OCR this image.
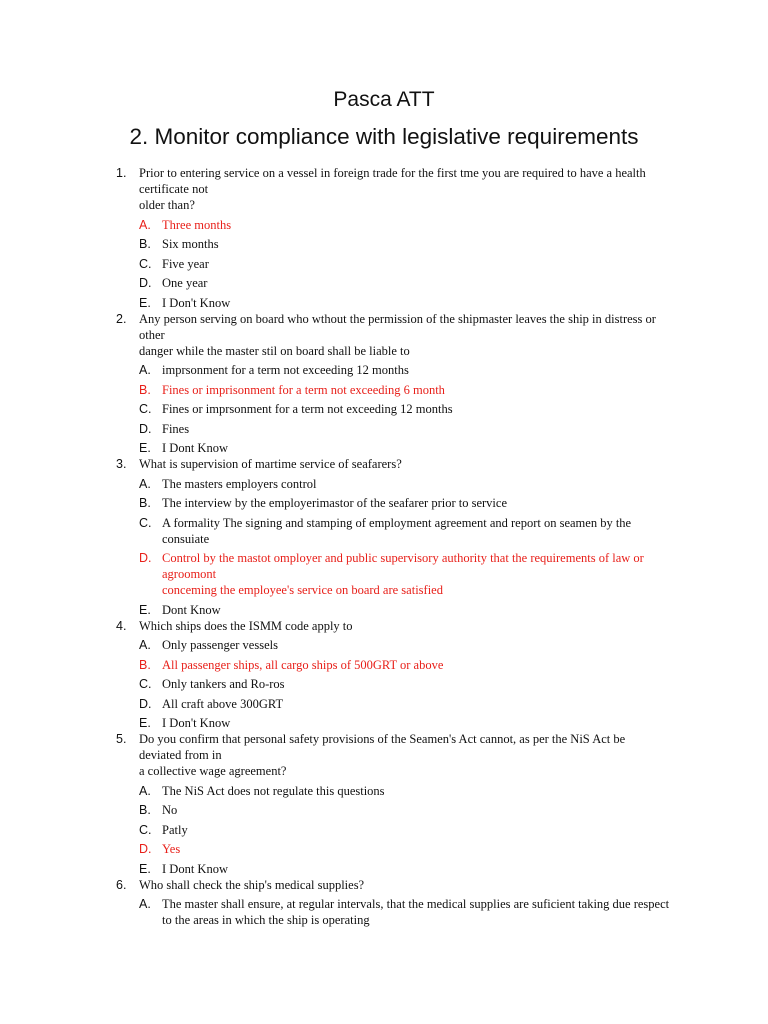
Pasca ATT
2. Monitor compliance with legislative requirements
1. Prior to entering service on a vessel in foreign trade for the first tme you are required to have a health certificate not
older than?
A. Three months
B. Six months
C. Five year
D. One year
E. I Don't Know
2. Any person serving on board who wthout the permission of the shipmaster leaves the ship in distress or other
danger while the master stil on board shall be liable to
A. imprsonment for a term not exceeding 12 months
B. Fines or imprisonment for a term not exceeding 6 month
C. Fines or imprsonment for a term not exceeding 12 months
D. Fines
E. I Dont Know
3. What is supervision of martime service of seafarers?
A. The masters employers control
B. The interview by the employerimastor of the seafarer prior to service
C. A formality The signing and stamping of employment agreement and report on seamen by the consuiate
D. Control by the mastot omployer and public supervisory authority that the requirements of law or agroomont
conceming the employee's service on board are satisfied
E. Dont Know
4. Which ships does the ISMM code apply to
A. Only passenger vessels
B. All passenger ships, all cargo ships of 500GRT or above
C. Only tankers and Ro-ros
D. All craft above 300GRT
E. I Don't Know
5. Do you confirm that personal safety provisions of the Seamen's Act cannot, as per the NiS Act be deviated from in
a collective wage agreement?
A. The NiS Act does not regulate this questions
B. No
C. Patly
D. Yes
E. I Dont Know
6. Who shall check the ship's medical supplies?
A. The master shall ensure, at regular intervals, that the medical supplies are suficient taking due respect to the areas in which the ship is operating
